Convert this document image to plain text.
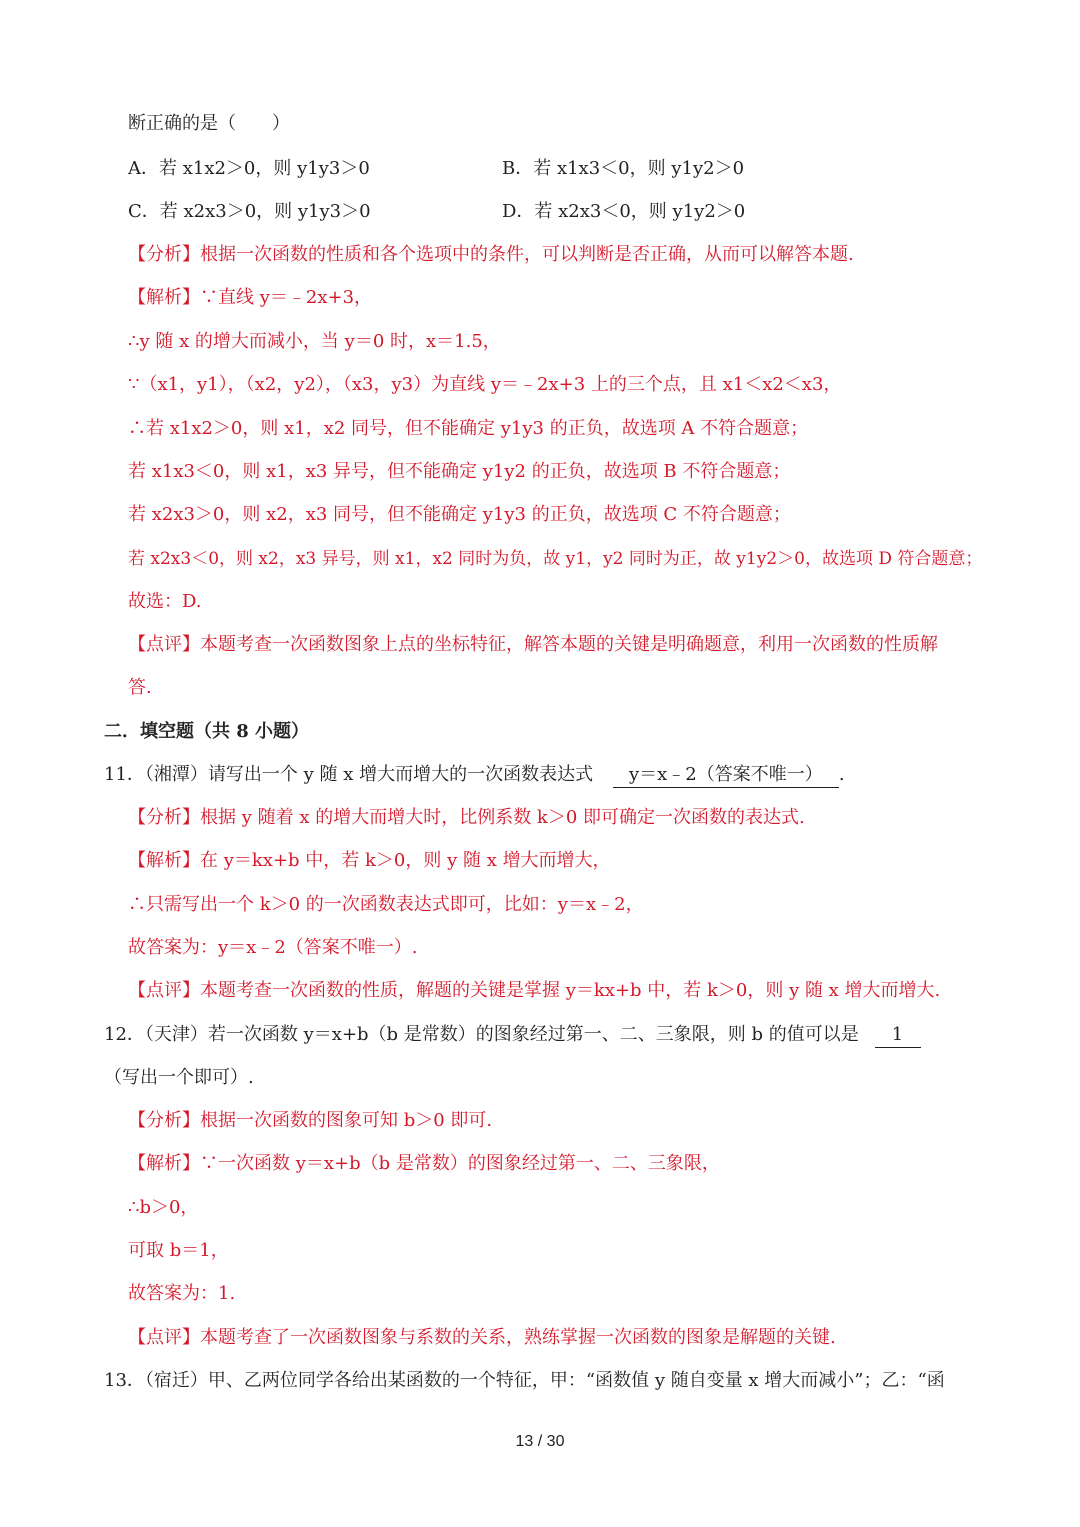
断正确的是（　　）
A．若 x1x2＞0，则 y1y3＞0	B．若 x1x3＜0，则 y1y2＞0
C．若 x2x3＞0，则 y1y3＞0	D．若 x2x3＜0，则 y1y2＞0
【分析】根据一次函数的性质和各个选项中的条件，可以判断是否正确，从而可以解答本题.
【解析】∵直线 y＝﹣2x+3，
∴y 随 x 的增大而减小，当 y＝0 时，x＝1.5，
∵（x1，y1），（x2，y2），（x3，y3）为直线 y＝﹣2x+3 上的三个点，且 x1＜x2＜x3，
∴若 x1x2＞0，则 x1，x2 同号，但不能确定 y1y3 的正负，故选项 A 不符合题意；
若 x1x3＜0，则 x1，x3 异号，但不能确定 y1y2 的正负，故选项 B 不符合题意；
若 x2x3＞0，则 x2，x3 同号，但不能确定 y1y3 的正负，故选项 C 不符合题意；
若 x2x3＜0，则 x2，x3 异号，则 x1，x2 同时为负，故 y1，y2 同时为正，故 y1y2＞0，故选项 D 符合题意；
故选：D.
【点评】本题考查一次函数图象上点的坐标特征，解答本题的关键是明确题意，利用一次函数的性质解
答.
二．填空题（共 8 小题）
11．（湘潭）请写出一个 y 随 x 增大而增大的一次函数表达式 y＝x﹣2（答案不唯一） .
【分析】根据 y 随着 x 的增大而增大时，比例系数 k＞0 即可确定一次函数的表达式.
【解析】在 y＝kx+b 中，若 k＞0，则 y 随 x 增大而增大，
∴只需写出一个 k＞0 的一次函数表达式即可，比如：y＝x﹣2，
故答案为：y＝x﹣2（答案不唯一）.
【点评】本题考查一次函数的性质，解题的关键是掌握 y＝kx+b 中，若 k＞0，则 y 随 x 增大而增大.
12．（天津）若一次函数 y＝x+b（b 是常数）的图象经过第一、二、三象限，则 b 的值可以是 1
（写出一个即可）.
【分析】根据一次函数的图象可知 b＞0 即可.
【解析】∵一次函数 y＝x+b（b 是常数）的图象经过第一、二、三象限，
∴b＞0，
可取 b＝1，
故答案为：1.
【点评】本题考查了一次函数图象与系数的关系，熟练掌握一次函数的图象是解题的关键.
13．（宿迁）甲、乙两位同学各给出某函数的一个特征，甲：“函数值 y 随自变量 x 增大而减小”；乙：“函
13 / 30
